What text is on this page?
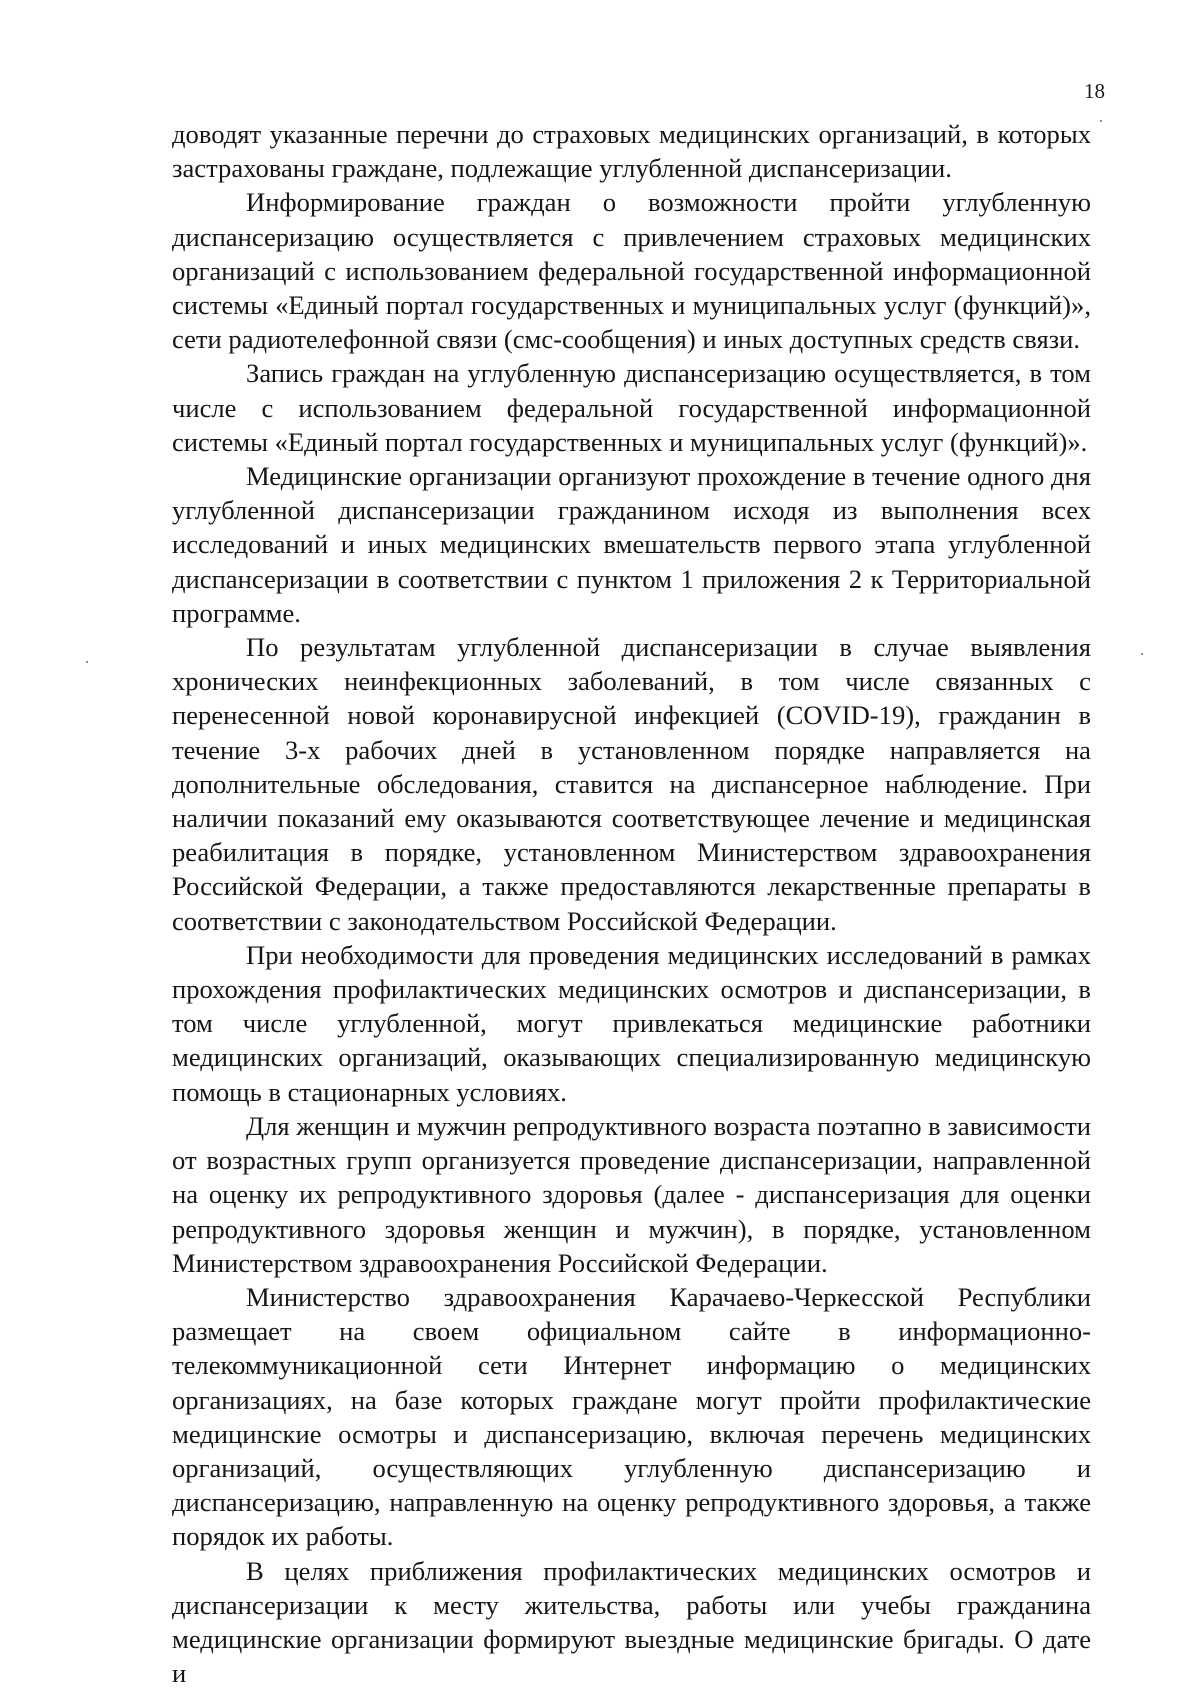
18

доводят указанные перечни до страховых медицинских организаций, в которых застрахованы граждане, подлежащие углубленной диспансеризации.

Информирование граждан о возможности пройти углубленную диспансеризацию осуществляется с привлечением страховых медицинских организаций с использованием федеральной государственной информационной системы «Единый портал государственных и муниципальных услуг (функций)», сети радиотелефонной связи (смс-сообщения) и иных доступных средств связи.

Запись граждан на углубленную диспансеризацию осуществляется, в том числе с использованием федеральной государственной информационной системы «Единый портал государственных и муниципальных услуг (функций)».

Медицинские организации организуют прохождение в течение одного дня углубленной диспансеризации гражданином исходя из выполнения всех исследований и иных медицинских вмешательств первого этапа углубленной диспансеризации в соответствии с пунктом 1 приложения 2 к Территориальной программе.

По результатам углубленной диспансеризации в случае выявления хронических неинфекционных заболеваний, в том числе связанных с перенесенной новой коронавирусной инфекцией (COVID-19), гражданин в течение 3-х рабочих дней в установленном порядке направляется на дополнительные обследования, ставится на диспансерное наблюдение. При наличии показаний ему оказываются соответствующее лечение и медицинская реабилитация в порядке, установленном Министерством здравоохранения Российской Федерации, а также предоставляются лекарственные препараты в соответствии с законодательством Российской Федерации.

При необходимости для проведения медицинских исследований в рамках прохождения профилактических медицинских осмотров и диспансеризации, в том числе углубленной, могут привлекаться медицинские работники медицинских организаций, оказывающих специализированную медицинскую помощь в стационарных условиях.

Для женщин и мужчин репродуктивного возраста поэтапно в зависимости от возрастных групп организуется проведение диспансеризации, направленной на оценку их репродуктивного здоровья (далее - диспансеризация для оценки репродуктивного здоровья женщин и мужчин), в порядке, установленном Министерством здравоохранения Российской Федерации.

Министерство здравоохранения Карачаево-Черкесской Республики размещает на своем официальном сайте в информационно-телекоммуникационной сети Интернет информацию о медицинских организациях, на базе которых граждане могут пройти профилактические медицинские осмотры и диспансеризацию, включая перечень медицинских организаций, осуществляющих углубленную диспансеризацию и диспансеризацию, направленную на оценку репродуктивного здоровья, а также порядок их работы.

В целях приближения профилактических медицинских осмотров и диспансеризации к месту жительства, работы или учебы гражданина медицинские организации формируют выездные медицинские бригады. О дате и
